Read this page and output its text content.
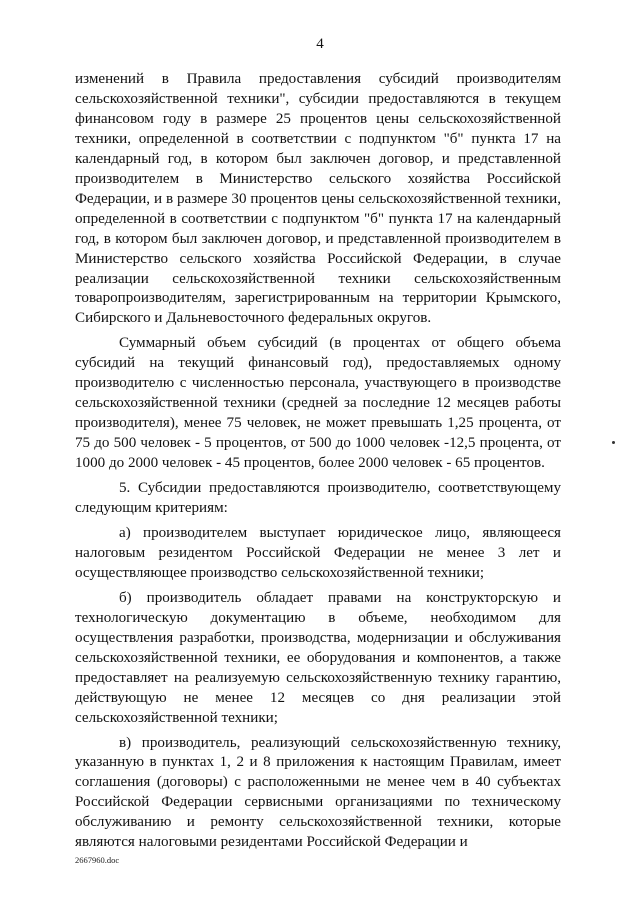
4

изменений в Правила предоставления субсидий производителям сельскохозяйственной техники", субсидии предоставляются в текущем финансовом году в размере 25 процентов цены сельскохозяйственной техники, определенной в соответствии с подпунктом "б" пункта 17 на календарный год, в котором был заключен договор, и представленной производителем в Министерство сельского хозяйства Российской Федерации, и в размере 30 процентов цены сельскохозяйственной техники, определенной в соответствии с подпунктом "б" пункта 17 на календарный год, в котором был заключен договор, и представленной производителем в Министерство сельского хозяйства Российской Федерации, в случае реализации сельскохозяйственной техники сельскохозяйственным товаропроизводителям, зарегистрированным на территории Крымского, Сибирского и Дальневосточного федеральных округов.

Суммарный объем субсидий (в процентах от общего объема субсидий на текущий финансовый год), предоставляемых одному производителю с численностью персонала, участвующего в производстве сельскохозяйственной техники (средней за последние 12 месяцев работы производителя), менее 75 человек, не может превышать 1,25 процента, от 75 до 500 человек - 5 процентов, от 500 до 1000 человек -12,5 процента, от 1000 до 2000 человек - 45 процентов, более 2000 человек - 65 процентов.

5. Субсидии предоставляются производителю, соответствующему следующим критериям:

а) производителем выступает юридическое лицо, являющееся налоговым резидентом Российской Федерации не менее 3 лет и осуществляющее производство сельскохозяйственной техники;

б) производитель обладает правами на конструкторскую и технологическую документацию в объеме, необходимом для осуществления разработки, производства, модернизации и обслуживания сельскохозяйственной техники, ее оборудования и компонентов, а также предоставляет на реализуемую сельскохозяйственную технику гарантию, действующую не менее 12 месяцев со дня реализации этой сельскохозяйственной техники;

в) производитель, реализующий сельскохозяйственную технику, указанную в пунктах 1, 2 и 8 приложения к настоящим Правилам, имеет соглашения (договоры) с расположенными не менее чем в 40 субъектах Российской Федерации сервисными организациями по техническому обслуживанию и ремонту сельскохозяйственной техники, которые являются налоговыми резидентами Российской Федерации и

2667960.doc
